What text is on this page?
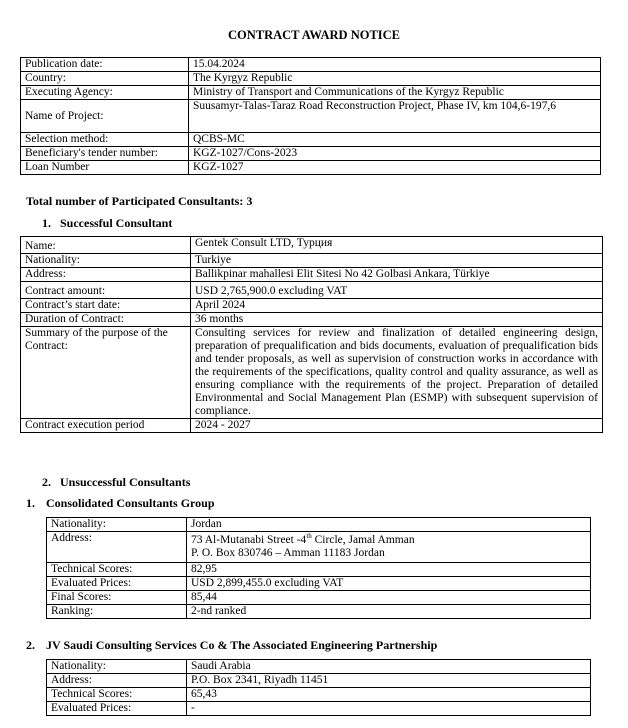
CONTRACT AWARD NOTICE
Publication date:	15.04.2024
Country:	The Kyrgyz Republic
Executing Agency:	Ministry of Transport and Communications of the Kyrgyz Republic
Name of Project:	Suusamyr-Talas-Taraz Road Reconstruction Project, Phase IV, km 104,6-197,6
Selection method:	QCBS-MC
Beneficiary's tender number:	KGZ-1027/Cons-2023
Loan Number	KGZ-1027
Total number of Participated Consultants: 3
1. Successful Consultant
Name:	Gentek Consult LTD, Турция
Nationality:	Turkiye
Address:	Ballikpinar mahallesi Elit Sitesi No 42 Golbasi Ankara, Türkiye
Contract amount:	USD 2,765,900.0 excluding VAT
Contract’s start date:	April 2024
Duration of Contract:	36 months
Summary of the purpose of the Contract:	Consulting services for review and finalization of detailed engineering design, preparation of prequalification and bids documents, evaluation of prequalification bids and tender proposals, as well as supervision of construction works in accordance with the requirements of the specifications, quality control and quality assurance, as well as ensuring compliance with the requirements of the project. Preparation of detailed Environmental and Social Management Plan (ESMP) with subsequent supervision of compliance.
Contract execution period	2024 - 2027
2. Unsuccessful Consultants
1. Consolidated Consultants Group
Nationality:	Jordan
Address:	73 Al-Mutanabi Street -4th Circle, Jamal Amman
P. O. Box 830746 – Amman 11183 Jordan

Technical Scores:	82,95
Evaluated Prices:	USD 2,899,455.0 excluding VAT
Final Scores:	85,44
Ranking:	2-nd ranked
2. JV Saudi Consulting Services Co & The Associated Engineering Partnership
Nationality:	Saudi Arabia
Address:	P.O. Box 2341, Riyadh 11451
Technical Scores:	65,43
Evaluated Prices:	-
